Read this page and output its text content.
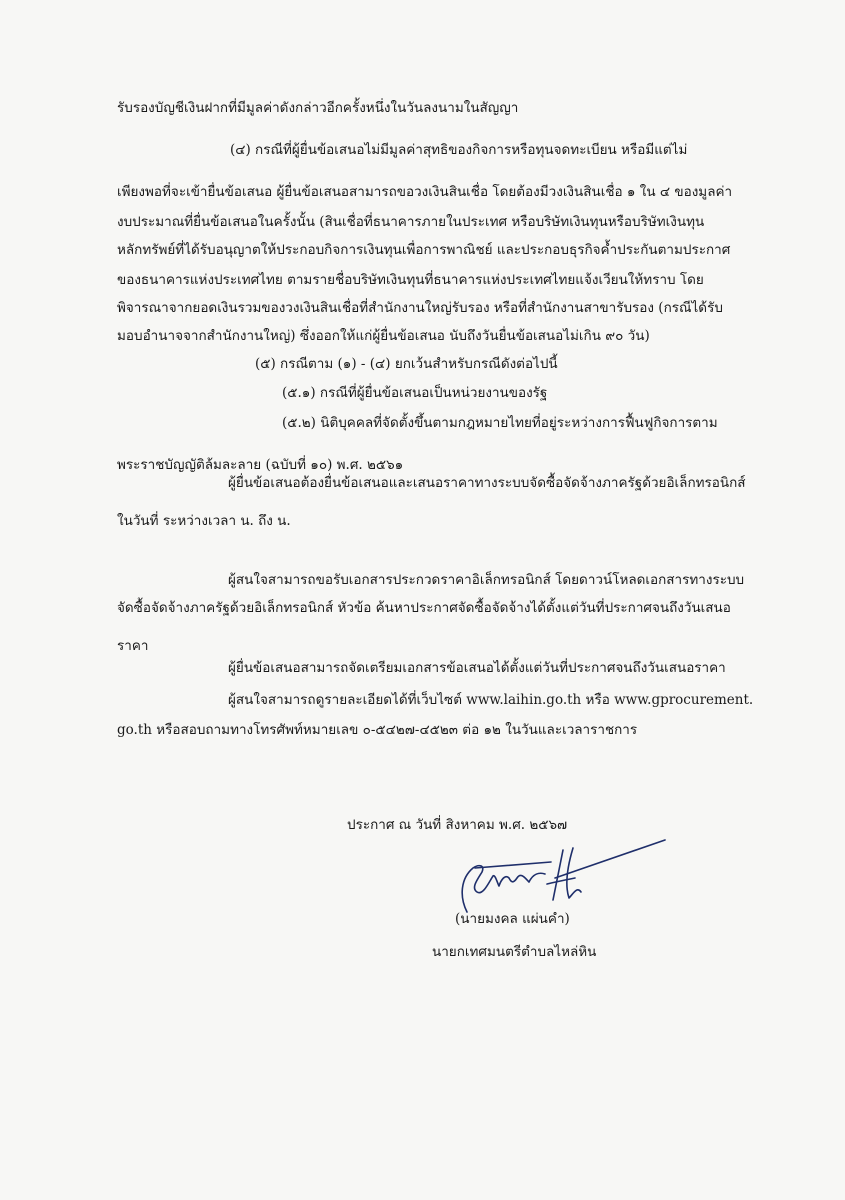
รับรองบัญชีเงินฝากที่มีมูลค่าดังกล่าวอีกครั้งหนึ่งในวันลงนามในสัญญา
(๔) กรณีที่ผู้ยื่นข้อเสนอไม่มีมูลค่าสุทธิของกิจการหรือทุนจดทะเบียน หรือมีแต่ไม่
เพียงพอที่จะเข้ายื่นข้อเสนอ ผู้ยื่นข้อเสนอสามารถขอวงเงินสินเชื่อ โดยต้องมีวงเงินสินเชื่อ ๑ ใน ๔ ของมูลค่า
งบประมาณที่ยื่นข้อเสนอในครั้งนั้น (สินเชื่อที่ธนาคารภายในประเทศ หรือบริษัทเงินทุนหรือบริษัทเงินทุน
หลักทรัพย์ที่ได้รับอนุญาตให้ประกอบกิจการเงินทุนเพื่อการพาณิชย์ และประกอบธุรกิจค้ำประกันตามประกาศ
ของธนาคารแห่งประเทศไทย ตามรายชื่อบริษัทเงินทุนที่ธนาคารแห่งประเทศไทยแจ้งเวียนให้ทราบ โดย
พิจารณาจากยอดเงินรวมของวงเงินสินเชื่อที่สำนักงานใหญ่รับรอง หรือที่สำนักงานสาขารับรอง (กรณีได้รับ
มอบอำนาจจากสำนักงานใหญ่) ซึ่งออกให้แก่ผู้ยื่นข้อเสนอ นับถึงวันยื่นข้อเสนอไม่เกิน ๙๐ วัน)
(๕) กรณีตาม (๑) - (๔) ยกเว้นสำหรับกรณีดังต่อไปนี้
(๕.๑) กรณีที่ผู้ยื่นข้อเสนอเป็นหน่วยงานของรัฐ
(๕.๒) นิติบุคคลที่จัดตั้งขึ้นตามกฎหมายไทยที่อยู่ระหว่างการฟื้นฟูกิจการตาม
พระราชบัญญัติล้มละลาย (ฉบับที่ ๑๐) พ.ศ. ๒๕๖๑
ผู้ยื่นข้อเสนอต้องยื่นข้อเสนอและเสนอราคาทางระบบจัดซื้อจัดจ้างภาครัฐด้วยอิเล็กทรอนิกส์
ในวันที่ ระหว่างเวลา น. ถึง น.
ผู้สนใจสามารถขอรับเอกสารประกวดราคาอิเล็กทรอนิกส์ โดยดาวน์โหลดเอกสารทางระบบ
จัดซื้อจัดจ้างภาครัฐด้วยอิเล็กทรอนิกส์ หัวข้อ ค้นหาประกาศจัดซื้อจัดจ้างได้ตั้งแต่วันที่ประกาศจนถึงวันเสนอ
ราคา
ผู้ยื่นข้อเสนอสามารถจัดเตรียมเอกสารข้อเสนอได้ตั้งแต่วันที่ประกาศจนถึงวันเสนอราคา
ผู้สนใจสามารถดูรายละเอียดได้ที่เว็บไซต์ www.laihin.go.th หรือ www.gprocurement.
go.th หรือสอบถามทางโทรศัพท์หมายเลข ๐-๕๔๒๗-๔๕๒๓ ต่อ ๑๒ ในวันและเวลาราชการ
ประกาศ ณ วันที่ สิงหาคม พ.ศ. ๒๕๖๗
(นายมงคล แผ่นคำ)
นายกเทศมนตรีตำบลไหล่หิน
